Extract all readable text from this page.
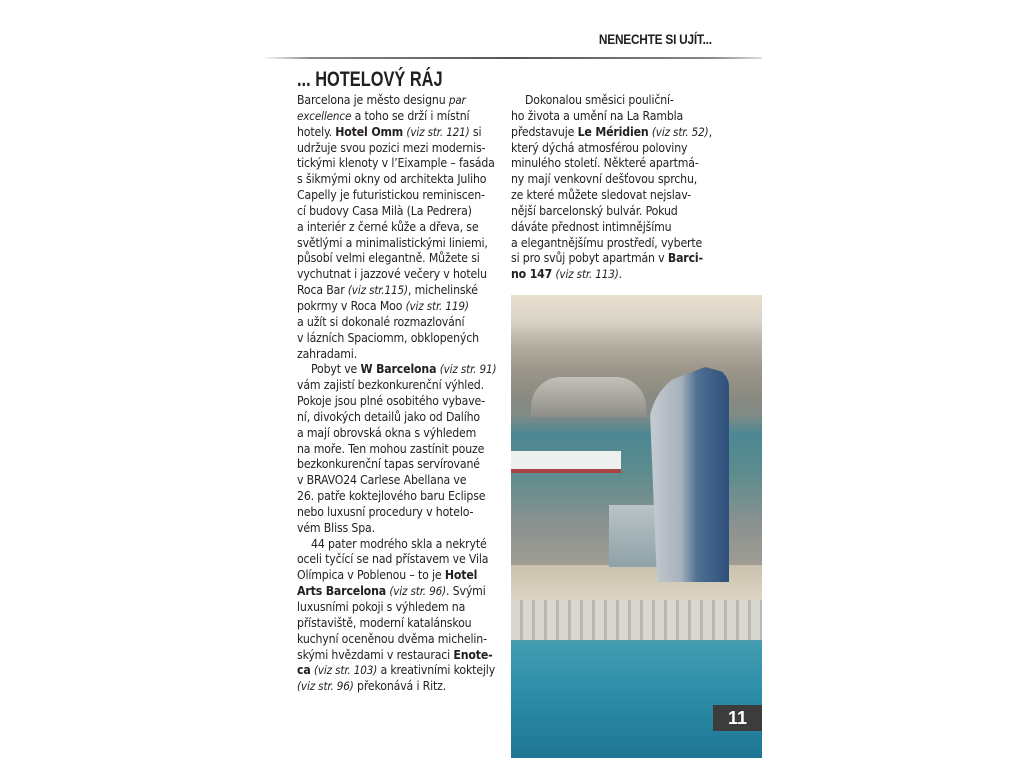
NENECHTE SI UJÍT...
... HOTELOVÝ RÁJ
Barcelona je město designu par
excellence a toho se drží i místní
hotely. Hotel Omm (viz str. 121) si
udržuje svou pozici mezi modernis-
tickými klenoty v l’Eixample – fasáda
s šikmými okny od architekta Juliho
Capelly je futuristickou reminiscen-
cí budovy Casa Milà (La Pedrera)
a interiér z černé kůže a dřeva, se
světlými a minimalistickými liniemi,
působí velmi elegantně. Můžete si
vychutnat i jazzové večery v hotelu
Roca Bar (viz str.115), michelinské
pokrmy v Roca Moo (viz str. 119)
a užít si dokonalé rozmazlování
v lázních Spaciomm, obklopených
zahradami.
Pobyt ve W Barcelona (viz str. 91)
vám zajistí bezkonkurenční výhled.
Pokoje jsou plné osobitého vybave-
ní, divokých detailů jako od Dalího
a mají obrovská okna s výhledem
na moře. Ten mohou zastínit pouze
bezkonkurenční tapas servírované
v BRAVO24 Carlese Abellana ve
26. patře koktejlového baru Eclipse
nebo luxusní procedury v hotelo-
vém Bliss Spa.
44 pater modrého skla a nekryté
oceli tyčící se nad přístavem ve Vila
Olímpica v Poblenou – to je Hotel
Arts Barcelona (viz str. 96). Svými
luxusními pokoji s výhledem na
přístaviště, moderní katalánskou
kuchyní oceněnou dvěma michelin-
skými hvězdami v restauraci Enote-
ca (viz str. 103) a kreativními koktejly
(viz str. 96) překonává i Ritz.
Dokonalou směsici pouliční-
ho života a umění na La Rambla
představuje Le Méridien (viz str. 52),
který dýchá atmosférou poloviny
minulého století. Některé apartmá-
ny mají venkovní dešťovou sprchu,
ze které můžete sledovat nejslav-
nější barcelonský bulvár. Pokud
dáváte přednost intimnějšímu
a elegantnějšímu prostředí, vyberte
si pro svůj pobyt apartmán v Barci-
no 147 (viz str. 113).
11
